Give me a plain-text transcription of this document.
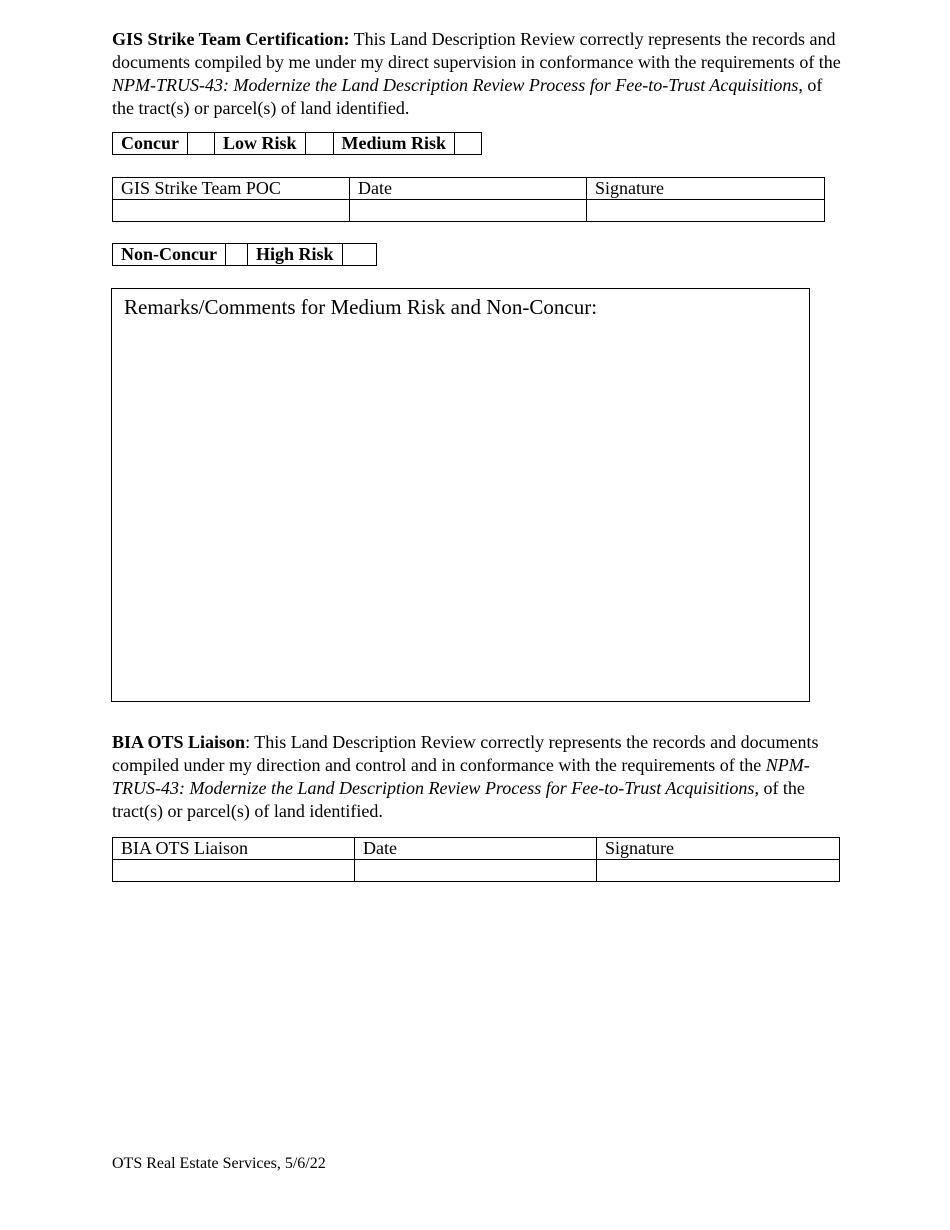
GIS Strike Team Certification: This Land Description Review correctly represents the records and documents compiled by me under my direct supervision in conformance with the requirements of the NPM-TRUS-43: Modernize the Land Description Review Process for Fee-to-Trust Acquisitions, of the tract(s) or parcel(s) of land identified.

Concur		Low Risk		Medium Risk	
GIS Strike Team POC	Date	Signature

Non-Concur		High Risk	
Remarks/Comments for Medium Risk and Non-Concur:

BIA OTS Liaison: This Land Description Review correctly represents the records and documents compiled under my direction and control and in conformance with the requirements of the NPM-TRUS-43: Modernize the Land Description Review Process for Fee-to-Trust Acquisitions, of the tract(s) or parcel(s) of land identified.

BIA OTS Liaison	Date	Signature

OTS Real Estate Services, 5/6/22
